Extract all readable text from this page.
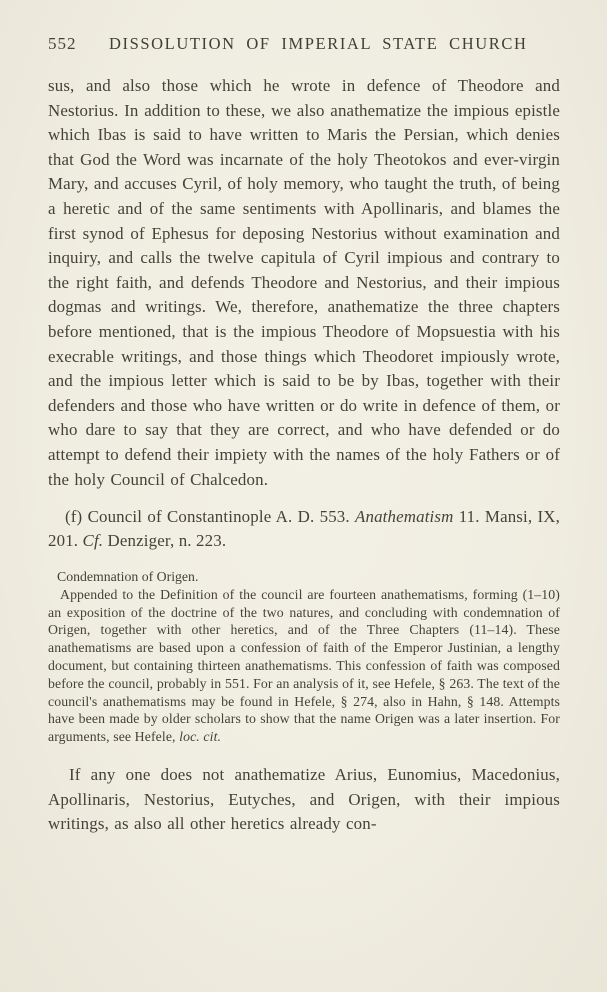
552	DISSOLUTION OF IMPERIAL STATE CHURCH

sus, and also those which he wrote in defence of Theodore and Nestorius. In addition to these, we also anathematize the impious epistle which Ibas is said to have written to Maris the Persian, which denies that God the Word was incarnate of the holy Theotokos and ever-virgin Mary, and accuses Cyril, of holy memory, who taught the truth, of being a heretic and of the same sentiments with Apollinaris, and blames the first synod of Ephesus for deposing Nestorius without examination and inquiry, and calls the twelve capitula of Cyril impious and contrary to the right faith, and defends Theodore and Nestorius, and their impious dogmas and writings. We, therefore, anathematize the three chapters before mentioned, that is the impious Theodore of Mopsuestia with his execrable writings, and those things which Theodoret impiously wrote, and the impious letter which is said to be by Ibas, together with their defenders and those who have written or do write in defence of them, or who dare to say that they are correct, and who have defended or do attempt to defend their impiety with the names of the holy Fathers or of the holy Council of Chalcedon.

(f) Council of Constantinople A. D. 553. Anathematism 11. Mansi, IX, 201. Cf. Denziger, n. 223.

Condemnation of Origen.

Appended to the Definition of the council are fourteen anathematisms, forming (1–10) an exposition of the doctrine of the two natures, and concluding with condemnation of Origen, together with other heretics, and of the Three Chapters (11–14). These anathematisms are based upon a confession of faith of the Emperor Justinian, a lengthy document, but containing thirteen anathematisms. This confession of faith was composed before the council, probably in 551. For an analysis of it, see Hefele, § 263. The text of the council's anathematisms may be found in Hefele, § 274, also in Hahn, § 148. Attempts have been made by older scholars to show that the name Origen was a later insertion. For arguments, see Hefele, loc. cit.

If any one does not anathematize Arius, Eunomius, Macedonius, Apollinaris, Nestorius, Eutyches, and Origen, with their impious writings, as also all other heretics already con-
